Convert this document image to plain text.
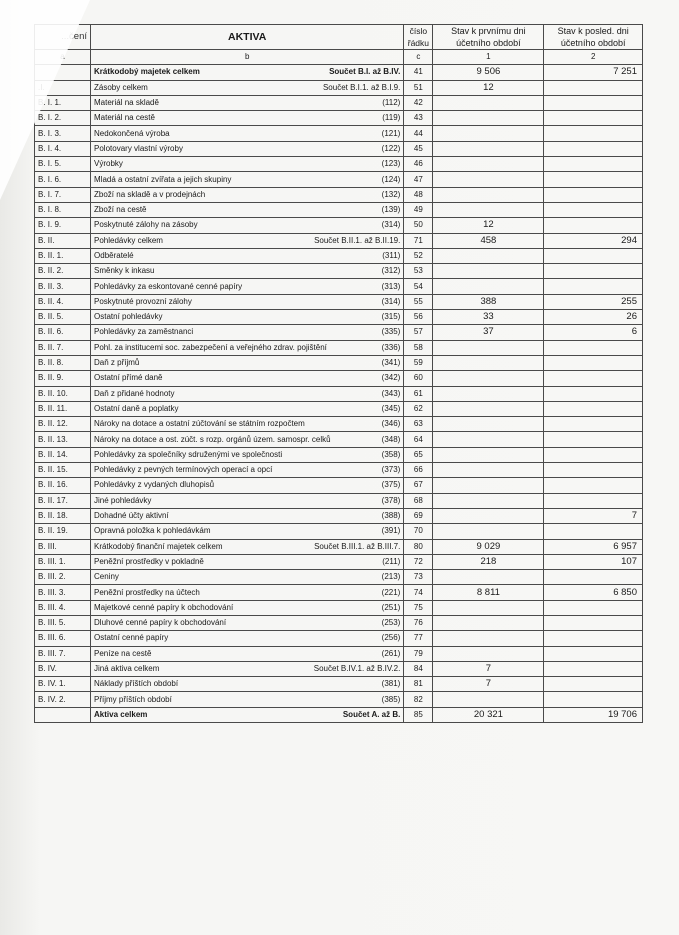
...čení	AKTIVA	číslo řádku	Stav k prvnímu dni účetního období	Stav k posled. dni účetního období
a	b	c	1	2

	Krátkodobý majetek celkem Součet B.I. až B.IV.	41	9 506	7 251
.I.	Zásoby celkem Součet B.I.1. až B.I.9.	51	12	
B. I. 1.	Materiál na skladě (112)	42		
B. I. 2.	Materiál na cestě (119)	43		
B. I. 3.	Nedokončená výroba (121)	44		
B. I. 4.	Polotovary vlastní výroby (122)	45		
B. I. 5.	Výrobky (123)	46		
B. I. 6.	Mladá a ostatní zvířata a jejich skupiny (124)	47		
B. I. 7.	Zboží na skladě a v prodejnách (132)	48		
B. I. 8.	Zboží na cestě (139)	49		
B. I. 9.	Poskytnuté zálohy na zásoby (314)	50	12	
B. II.	Pohledávky celkem Součet B.II.1. až B.II.19.	71	458	294
B. II. 1.	Odběratelé (311)	52		
B. II. 2.	Směnky k inkasu (312)	53		
B. II. 3.	Pohledávky za eskontované cenné papíry (313)	54		
B. II. 4.	Poskytnuté provozní zálohy (314)	55	388	255
B. II. 5.	Ostatní pohledávky (315)	56	33	26
B. II. 6.	Pohledávky za zaměstnanci (335)	57	37	6
B. II. 7.	Pohl. za institucemi soc. zabezpečení a veřejného zdrav. pojištění (336)	58		
B. II. 8.	Daň z příjmů (341)	59		
B. II. 9.	Ostatní přímé daně (342)	60		
B. II. 10.	Daň z přidané hodnoty (343)	61		
B. II. 11.	Ostatní daně a poplatky (345)	62		
B. II. 12.	Nároky na dotace a ostatní zúčtování se státním rozpočtem (346)	63		
B. II. 13.	Nároky na dotace a ost. zúčt. s rozp. orgánů územ. samospr. celků (348)	64		
B. II. 14.	Pohledávky za společníky sdruženými ve společnosti (358)	65		
B. II. 15.	Pohledávky z pevných termínových operací a opcí (373)	66		
B. II. 16.	Pohledávky z vydaných dluhopisů (375)	67		
B. II. 17.	Jiné pohledávky (378)	68		
B. II. 18.	Dohadné účty aktivní (388)	69		7
B. II. 19.	Opravná položka k pohledávkám (391)	70		
B. III.	Krátkodobý finanční majetek celkem Součet B.III.1. až B.III.7.	80	9 029	6 957
B. III. 1.	Peněžní prostředky v pokladně (211)	72	218	107
B. III. 2.	Ceniny (213)	73		
B. III. 3.	Peněžní prostředky na účtech (221)	74	8 811	6 850
B. III. 4.	Majetkové cenné papíry k obchodování (251)	75		
B. III. 5.	Dluhové cenné papíry k obchodování (253)	76		
B. III. 6.	Ostatní cenné papíry (256)	77		
B. III. 7.	Peníze na cestě (261)	79		
B. IV.	Jiná aktiva celkem Součet B.IV.1. až B.IV.2.	84	7	
B. IV. 1.	Náklady příštích období (381)	81	7	
B. IV. 2.	Příjmy příštích období (385)	82		

	Aktiva celkem Součet A. až B.	85	20 321	19 706
